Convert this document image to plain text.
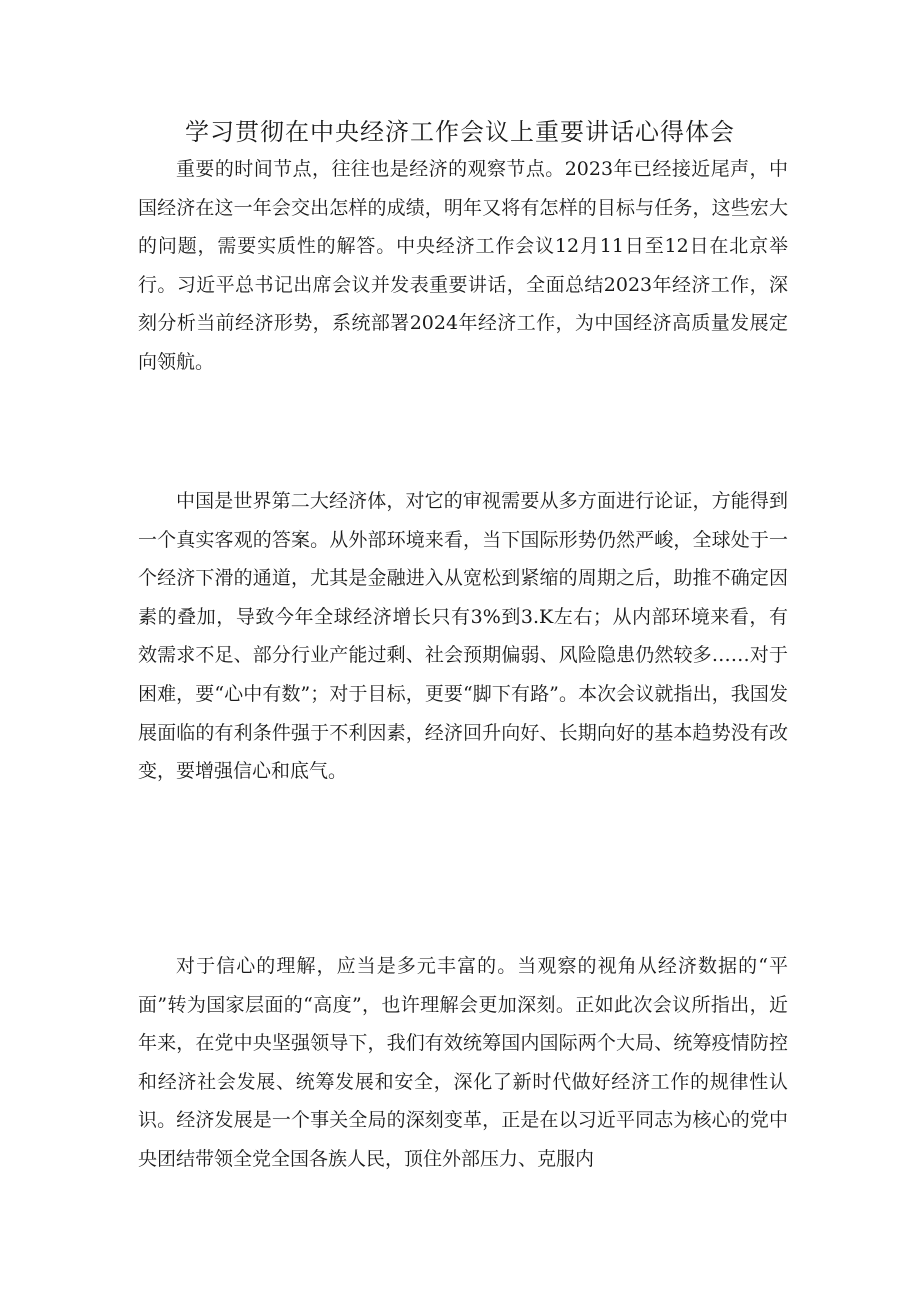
学习贯彻在中央经济工作会议上重要讲话心得体会

重要的时间节点，往往也是经济的观察节点。2023年已经接近尾声，中国经济在这一年会交出怎样的成绩，明年又将有怎样的目标与任务，这些宏大的问题，需要实质性的解答。中央经济工作会议12月11日至12日在北京举行。习近平总书记出席会议并发表重要讲话，全面总结2023年经济工作，深刻分析当前经济形势，系统部署2024年经济工作，为中国经济高质量发展定向领航。

中国是世界第二大经济体，对它的审视需要从多方面进行论证，方能得到一个真实客观的答案。从外部环境来看，当下国际形势仍然严峻，全球处于一个经济下滑的通道，尤其是金融进入从宽松到紧缩的周期之后，助推不确定因素的叠加，导致今年全球经济增长只有3%到3.K左右；从内部环境来看，有效需求不足、部分行业产能过剩、社会预期偏弱、风险隐患仍然较多……对于困难，要“心中有数”；对于目标，更要“脚下有路”。本次会议就指出，我国发展面临的有利条件强于不利因素，经济回升向好、长期向好的基本趋势没有改变，要增强信心和底气。

对于信心的理解，应当是多元丰富的。当观察的视角从经济数据的“平面”转为国家层面的“高度”，也许理解会更加深刻。正如此次会议所指出，近年来，在党中央坚强领导下，我们有效统筹国内国际两个大局、统筹疫情防控和经济社会发展、统筹发展和安全，深化了新时代做好经济工作的规律性认识。经济发展是一个事关全局的深刻变革，正是在以习近平同志为核心的党中央团结带领全党全国各族人民，顶住外部压力、克服内
